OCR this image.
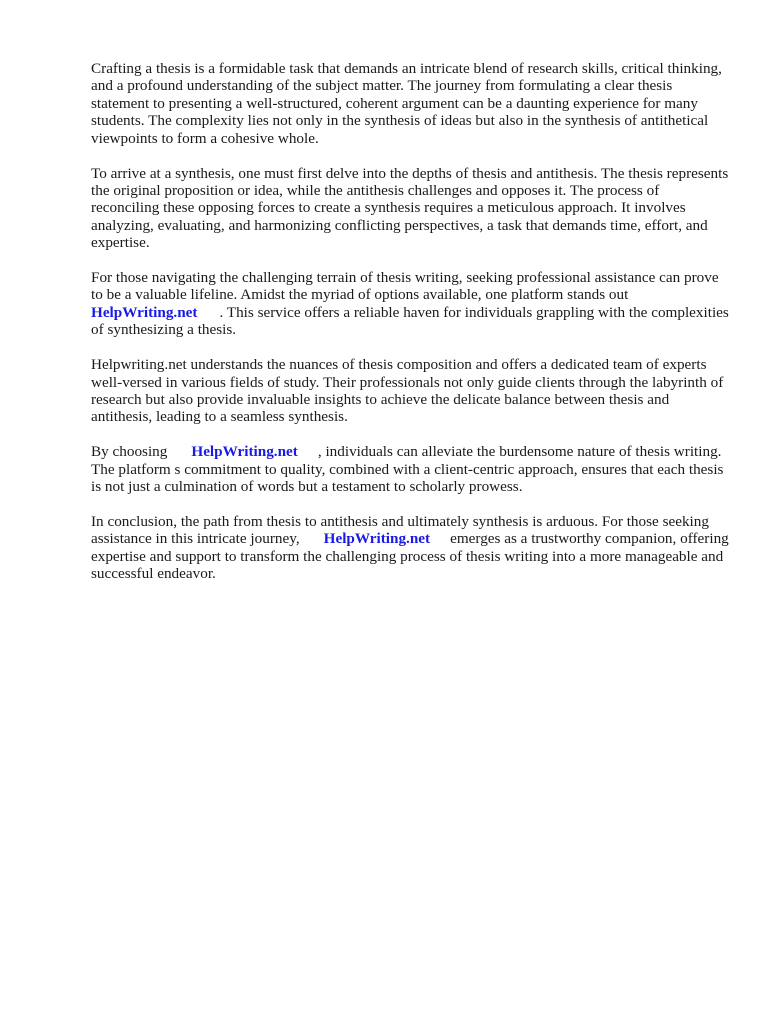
Crafting a thesis is a formidable task that demands an intricate blend of research skills, critical thinking, and a profound understanding of the subject matter. The journey from formulating a clear thesis statement to presenting a well-structured, coherent argument can be a daunting experience for many students. The complexity lies not only in the synthesis of ideas but also in the synthesis of antithetical viewpoints to form a cohesive whole.

To arrive at a synthesis, one must first delve into the depths of thesis and antithesis. The thesis represents the original proposition or idea, while the antithesis challenges and opposes it. The process of reconciling these opposing forces to create a synthesis requires a meticulous approach. It involves analyzing, evaluating, and harmonizing conflicting perspectives, a task that demands time, effort, and expertise.

For those navigating the challenging terrain of thesis writing, seeking professional assistance can prove to be a valuable lifeline. Amidst the myriad of options available, one platform stands out
HelpWriting.net . This service offers a reliable haven for individuals grappling with the complexities of synthesizing a thesis.

Helpwriting.net understands the nuances of thesis composition and offers a dedicated team of experts well-versed in various fields of study. Their professionals not only guide clients through the labyrinth of research but also provide invaluable insights to achieve the delicate balance between thesis and antithesis, leading to a seamless synthesis.

By choosing HelpWriting.net , individuals can alleviate the burdensome nature of thesis writing. The platform s commitment to quality, combined with a client-centric approach, ensures that each thesis is not just a culmination of words but a testament to scholarly prowess.

In conclusion, the path from thesis to antithesis and ultimately synthesis is arduous. For those seeking assistance in this intricate journey, HelpWriting.net emerges as a trustworthy companion, offering expertise and support to transform the challenging process of thesis writing into a more manageable and successful endeavor.
